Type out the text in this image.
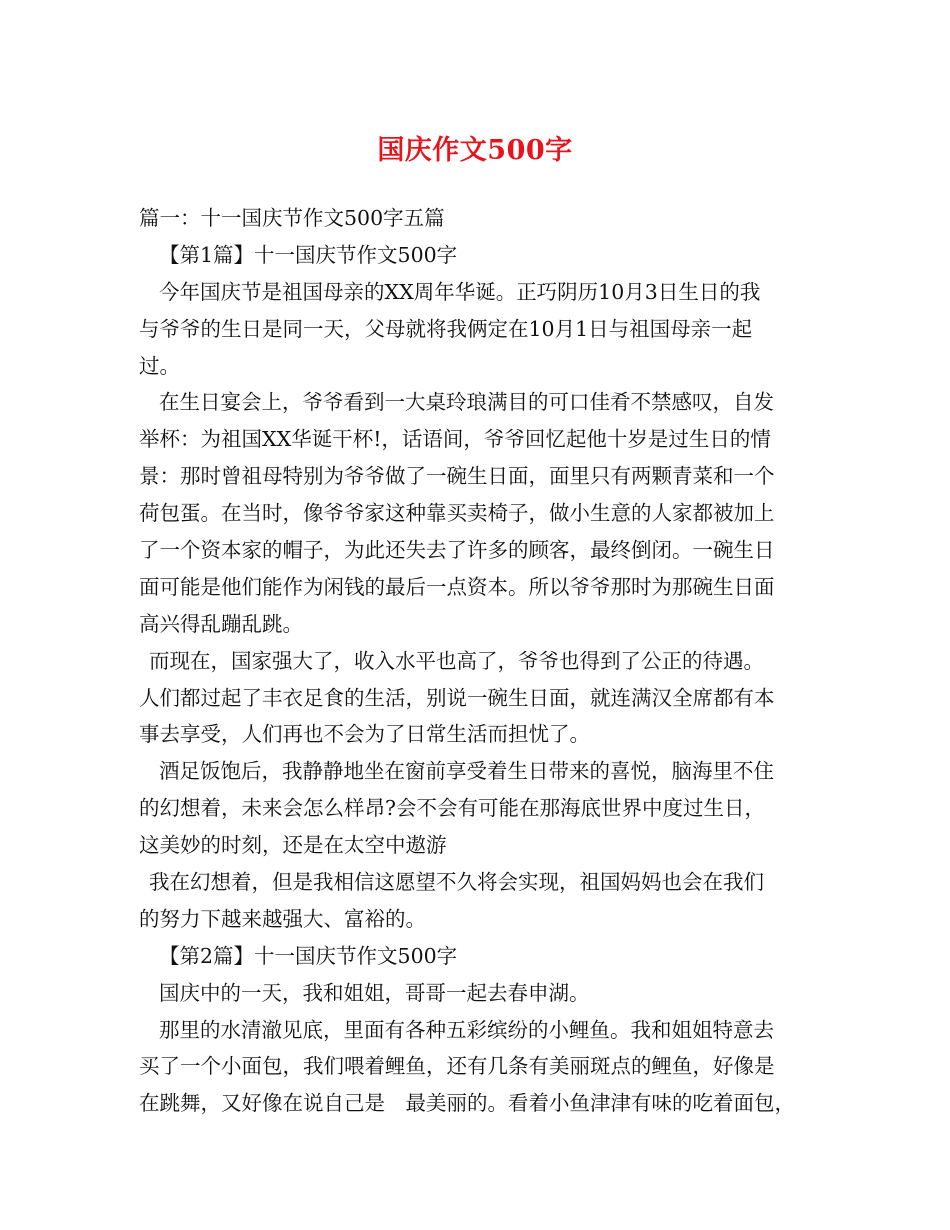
国庆作文500字
篇一：十一国庆节作文500字五篇
【第1篇】十一国庆节作文500字
今年国庆节是祖国母亲的XX周年华诞。正巧阴历10月3日生日的我
与爷爷的生日是同一天，父母就将我俩定在10月1日与祖国母亲一起
过。
在生日宴会上，爷爷看到一大桌玲琅满目的可口佳肴不禁感叹，自发
举杯：为祖国XX华诞干杯!，话语间，爷爷回忆起他十岁是过生日的情
景：那时曾祖母特别为爷爷做了一碗生日面，面里只有两颗青菜和一个
荷包蛋。在当时，像爷爷家这种靠买卖椅子，做小生意的人家都被加上
了一个资本家的帽子，为此还失去了许多的顾客，最终倒闭。一碗生日
面可能是他们能作为闲钱的最后一点资本。所以爷爷那时为那碗生日面
高兴得乱蹦乱跳。
而现在，国家强大了，收入水平也高了，爷爷也得到了公正的待遇。
人们都过起了丰衣足食的生活，别说一碗生日面，就连满汉全席都有本
事去享受，人们再也不会为了日常生活而担忧了。
酒足饭饱后，我静静地坐在窗前享受着生日带来的喜悦，脑海里不住
的幻想着，未来会怎么样昂?会不会有可能在那海底世界中度过生日，
这美妙的时刻，还是在太空中遨游
我在幻想着，但是我相信这愿望不久将会实现，祖国妈妈也会在我们
的努力下越来越强大、富裕的。
【第2篇】十一国庆节作文500字
国庆中的一天，我和姐姐，哥哥一起去春申湖。
那里的水清澈见底，里面有各种五彩缤纷的小鲤鱼。我和姐姐特意去
买了一个小面包，我们喂着鲤鱼，还有几条有美丽斑点的鲤鱼，好像是
在跳舞，又好像在说自己是　最美丽的。看着小鱼津津有味的吃着面包，
